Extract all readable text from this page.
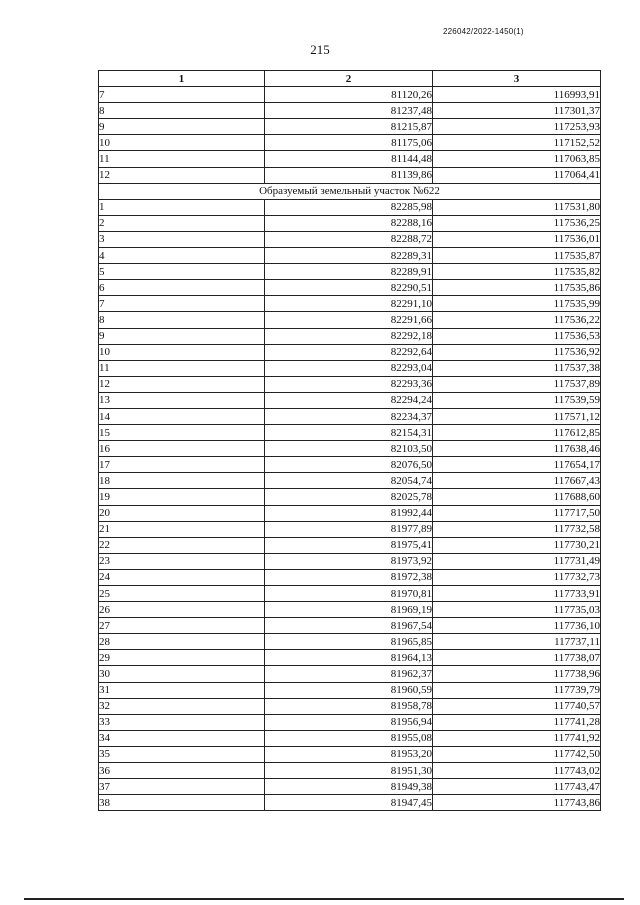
226042/2022-1450(1)
215
1	2	3
7	81120,26	116993,91
8	81237,48	117301,37
9	81215,87	117253,93
10	81175,06	117152,52
11	81144,48	117063,85
12	81139,86	117064,41
Образуемый земельный участок №622		
1	82285,98	117531,80
2	82288,16	117536,25
3	82288,72	117536,01
4	82289,31	117535,87
5	82289,91	117535,82
6	82290,51	117535,86
7	82291,10	117535,99
8	82291,66	117536,22
9	82292,18	117536,53
10	82292,64	117536,92
11	82293,04	117537,38
12	82293,36	117537,89
13	82294,24	117539,59
14	82234,37	117571,12
15	82154,31	117612,85
16	82103,50	117638,46
17	82076,50	117654,17
18	82054,74	117667,43
19	82025,78	117688,60
20	81992,44	117717,50
21	81977,89	117732,58
22	81975,41	117730,21
23	81973,92	117731,49
24	81972,38	117732,73
25	81970,81	117733,91
26	81969,19	117735,03
27	81967,54	117736,10
28	81965,85	117737,11
29	81964,13	117738,07
30	81962,37	117738,96
31	81960,59	117739,79
32	81958,78	117740,57
33	81956,94	117741,28
34	81955,08	117741,92
35	81953,20	117742,50
36	81951,30	117743,02
37	81949,38	117743,47
38	81947,45	117743,86
